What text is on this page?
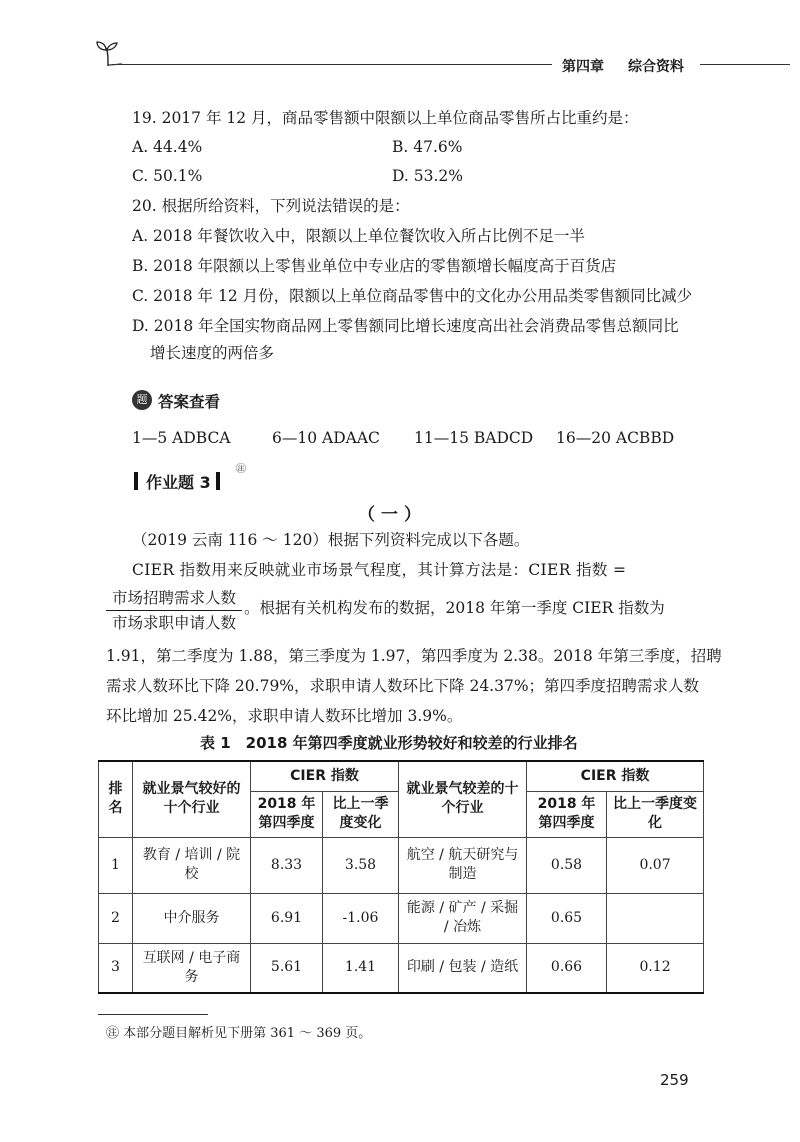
第四章 综合资料
19. 2017 年 12 月，商品零售额中限额以上单位商品零售所占比重约是：
A. 44.4%	B. 47.6%
C. 50.1%	D. 53.2%
20. 根据所给资料，下列说法错误的是：
A. 2018 年餐饮收入中，限额以上单位餐饮收入所占比例不足一半
B. 2018 年限额以上零售业单位中专业店的零售额增长幅度高于百货店
C. 2018 年 12 月份，限额以上单位商品零售中的文化办公用品类零售额同比减少
D. 2018 年全国实物商品网上零售额同比增长速度高出社会消费品零售总额同比
增长速度的两倍多
题 答案查看
1—5 ADBCA	6—10 ADAAC 11—15 BADCD 16—20 ACBBD
作业题 3
㊟
（一）
（2019 云南 116 ～ 120）根据下列资料完成以下各题。
CIER 指数用来反映就业市场景气程度，其计算方法是：CIER 指数 =
市场招聘需求人数
市场求职申请人数
。根据有关机构发布的数据，2018 年第一季度 CIER 指数为
1.91，第二季度为 1.88，第三季度为 1.97，第四季度为 2.38。2018 年第三季度，招聘
需求人数环比下降 20.79%，求职申请人数环比下降 24.37%；第四季度招聘需求人数
环比增加 25.42%，求职申请人数环比增加 3.9%。
表 1　2018 年第四季度就业形势较好和较差的行业排名
排名	就业景气较好的十个行业	CIER 指数		就业景气较差的十个行业	CIER 指数	
		2018 年第四季度	比上一季度变化		2018 年第四季度	比上一季度变化
1	教育 / 培训 / 院校	8.33	3.58	航空 / 航天研究与制造	0.58	0.07
2	中介服务	6.91	-1.06	能源 / 矿产 / 采掘 / 冶炼	0.65	
3	互联网 / 电子商务	5.61	1.41	印刷 / 包装 / 造纸	0.66	0.12
㊟ 本部分题目解析见下册第 361 ～ 369 页。
259
